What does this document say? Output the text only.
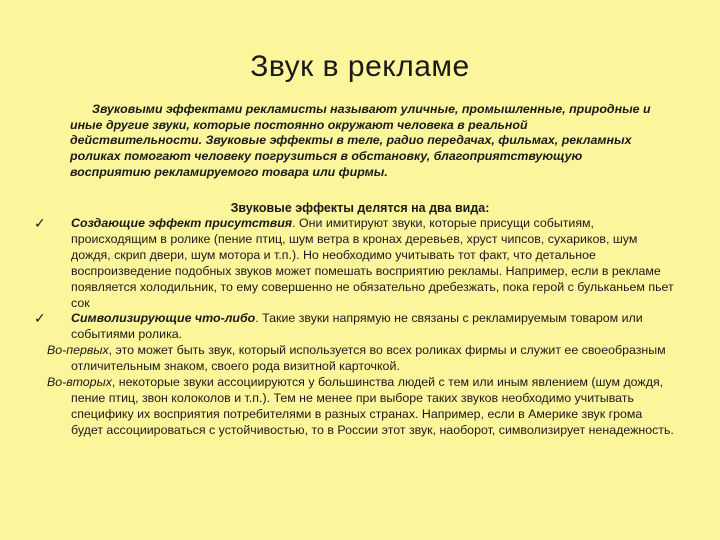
Звук в рекламе
Звуковыми эффектами рекламисты называют уличные, промышленные, природные и иные другие звуки, которые постоянно окружают человека в реальной действительности. Звуковые эффекты в теле, радио передачах, фильмах, рекламных роликах помогают человеку погрузиться в обстановку, благоприятствующую восприятию рекламируемого товара или фирмы.
Звуковые эффекты делятся на два вида:
✓ Создающие эффект присутствия. Они имитируют звуки, которые присущи событиям, происходящим в ролике (пение птиц, шум ветра в кронах деревьев, хруст чипсов, сухариков, шум дождя, скрип двери, шум мотора и т.п.). Но необходимо учитывать тот факт, что детальное воспроизведение подобных звуков может помешать восприятию рекламы. Например, если в рекламе появляется холодильник, то ему совершенно не обязательно дребезжать, пока герой с бульканьем пьет сок
✓ Символизирующие что-либо. Такие звуки напрямую не связаны с рекламируемым товаром или событиями ролика.
Во-первых, это может быть звук, который используется во всех роликах фирмы и служит ее своеобразным отличительным знаком, своего рода визитной карточкой.
Во-вторых, некоторые звуки ассоциируются у большинства людей с тем или иным явлением (шум дождя, пение птиц, звон колоколов и т.п.). Тем не менее при выборе таких звуков необходимо учитывать специфику их восприятия потребителями в разных странах. Например, если в Америке звук грома будет ассоциироваться с устойчивостью, то в России этот звук, наоборот, символизирует ненадежность.
